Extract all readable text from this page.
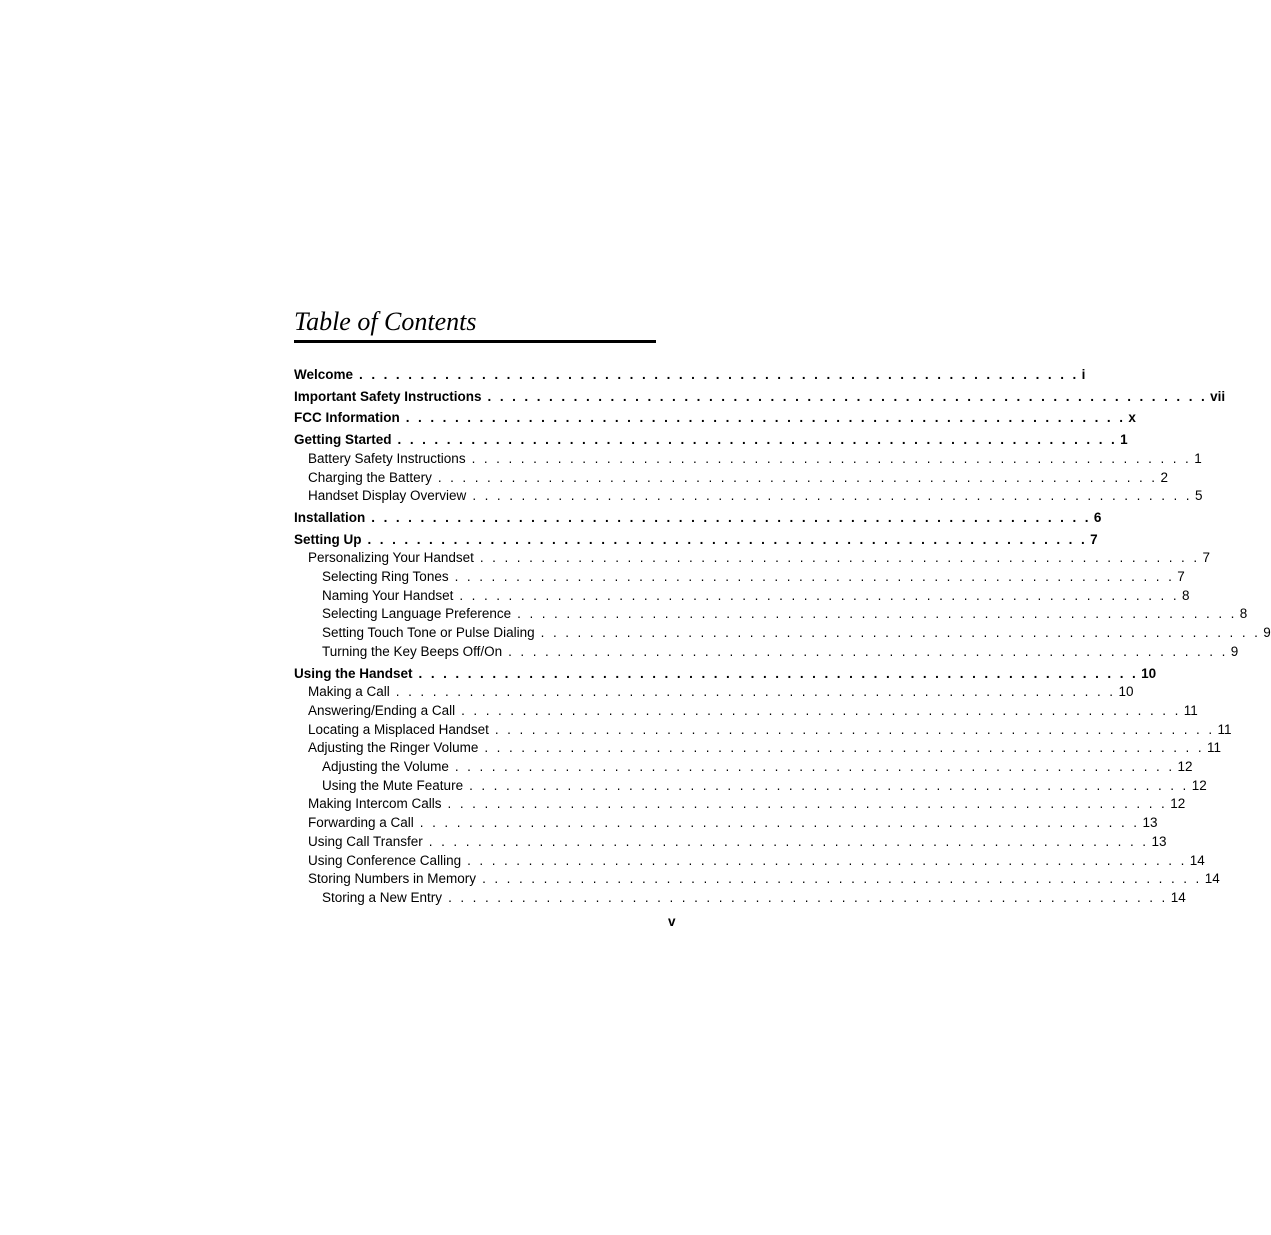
Table of Contents
Welcome . . . . . . . . . . . . . . . . . . . . . . . . . . . . . . . . . . . . . . . . . . . . . . . . . . . . . . . . . . . i
Important Safety Instructions . . . . . . . . . . . . . . . . . . . . . . . . . . . . . . . . . . . . . . . . . . . . . . . . . . . . . . . . . . . vii
FCC Information . . . . . . . . . . . . . . . . . . . . . . . . . . . . . . . . . . . . . . . . . . . . . . . . . . . . . . . . . . . x
Getting Started . . . . . . . . . . . . . . . . . . . . . . . . . . . . . . . . . . . . . . . . . . . . . . . . . . . . . . . . . . . 1
Battery Safety Instructions . . . . . . . . . . . . . . . . . . . . . . . . . . . . . . . . . . . . . . . . . . . . . . . . . . . . . . . . . . . 1
Charging the Battery . . . . . . . . . . . . . . . . . . . . . . . . . . . . . . . . . . . . . . . . . . . . . . . . . . . . . . . . . . . 2
Handset Display Overview . . . . . . . . . . . . . . . . . . . . . . . . . . . . . . . . . . . . . . . . . . . . . . . . . . . . . . . . . . . 5
Installation . . . . . . . . . . . . . . . . . . . . . . . . . . . . . . . . . . . . . . . . . . . . . . . . . . . . . . . . . . . 6
Setting Up . . . . . . . . . . . . . . . . . . . . . . . . . . . . . . . . . . . . . . . . . . . . . . . . . . . . . . . . . . . 7
Personalizing Your Handset . . . . . . . . . . . . . . . . . . . . . . . . . . . . . . . . . . . . . . . . . . . . . . . . . . . . . . . . . . . 7
Selecting Ring Tones . . . . . . . . . . . . . . . . . . . . . . . . . . . . . . . . . . . . . . . . . . . . . . . . . . . . . . . . . . . 7
Naming Your Handset . . . . . . . . . . . . . . . . . . . . . . . . . . . . . . . . . . . . . . . . . . . . . . . . . . . . . . . . . . . 8
Selecting Language Preference . . . . . . . . . . . . . . . . . . . . . . . . . . . . . . . . . . . . . . . . . . . . . . . . . . . . . . . . . . . 8
Setting Touch Tone or Pulse Dialing . . . . . . . . . . . . . . . . . . . . . . . . . . . . . . . . . . . . . . . . . . . . . . . . . . . . . . . . . . . 9
Turning the Key Beeps Off/On . . . . . . . . . . . . . . . . . . . . . . . . . . . . . . . . . . . . . . . . . . . . . . . . . . . . . . . . . . . 9
Using the Handset . . . . . . . . . . . . . . . . . . . . . . . . . . . . . . . . . . . . . . . . . . . . . . . . . . . . . . . . . . . 10
Making a Call . . . . . . . . . . . . . . . . . . . . . . . . . . . . . . . . . . . . . . . . . . . . . . . . . . . . . . . . . . . 10
Answering/Ending a Call . . . . . . . . . . . . . . . . . . . . . . . . . . . . . . . . . . . . . . . . . . . . . . . . . . . . . . . . . . . 11
Locating a Misplaced Handset . . . . . . . . . . . . . . . . . . . . . . . . . . . . . . . . . . . . . . . . . . . . . . . . . . . . . . . . . . . 11
Adjusting the Ringer Volume . . . . . . . . . . . . . . . . . . . . . . . . . . . . . . . . . . . . . . . . . . . . . . . . . . . . . . . . . . . 11
Adjusting the Volume . . . . . . . . . . . . . . . . . . . . . . . . . . . . . . . . . . . . . . . . . . . . . . . . . . . . . . . . . . . 12
Using the Mute Feature . . . . . . . . . . . . . . . . . . . . . . . . . . . . . . . . . . . . . . . . . . . . . . . . . . . . . . . . . . . 12
Making Intercom Calls . . . . . . . . . . . . . . . . . . . . . . . . . . . . . . . . . . . . . . . . . . . . . . . . . . . . . . . . . . . 12
Forwarding a Call . . . . . . . . . . . . . . . . . . . . . . . . . . . . . . . . . . . . . . . . . . . . . . . . . . . . . . . . . . . 13
Using Call Transfer . . . . . . . . . . . . . . . . . . . . . . . . . . . . . . . . . . . . . . . . . . . . . . . . . . . . . . . . . . . 13
Using Conference Calling . . . . . . . . . . . . . . . . . . . . . . . . . . . . . . . . . . . . . . . . . . . . . . . . . . . . . . . . . . . 14
Storing Numbers in Memory . . . . . . . . . . . . . . . . . . . . . . . . . . . . . . . . . . . . . . . . . . . . . . . . . . . . . . . . . . . 14
Storing a New Entry . . . . . . . . . . . . . . . . . . . . . . . . . . . . . . . . . . . . . . . . . . . . . . . . . . . . . . . . . . . 14
v
